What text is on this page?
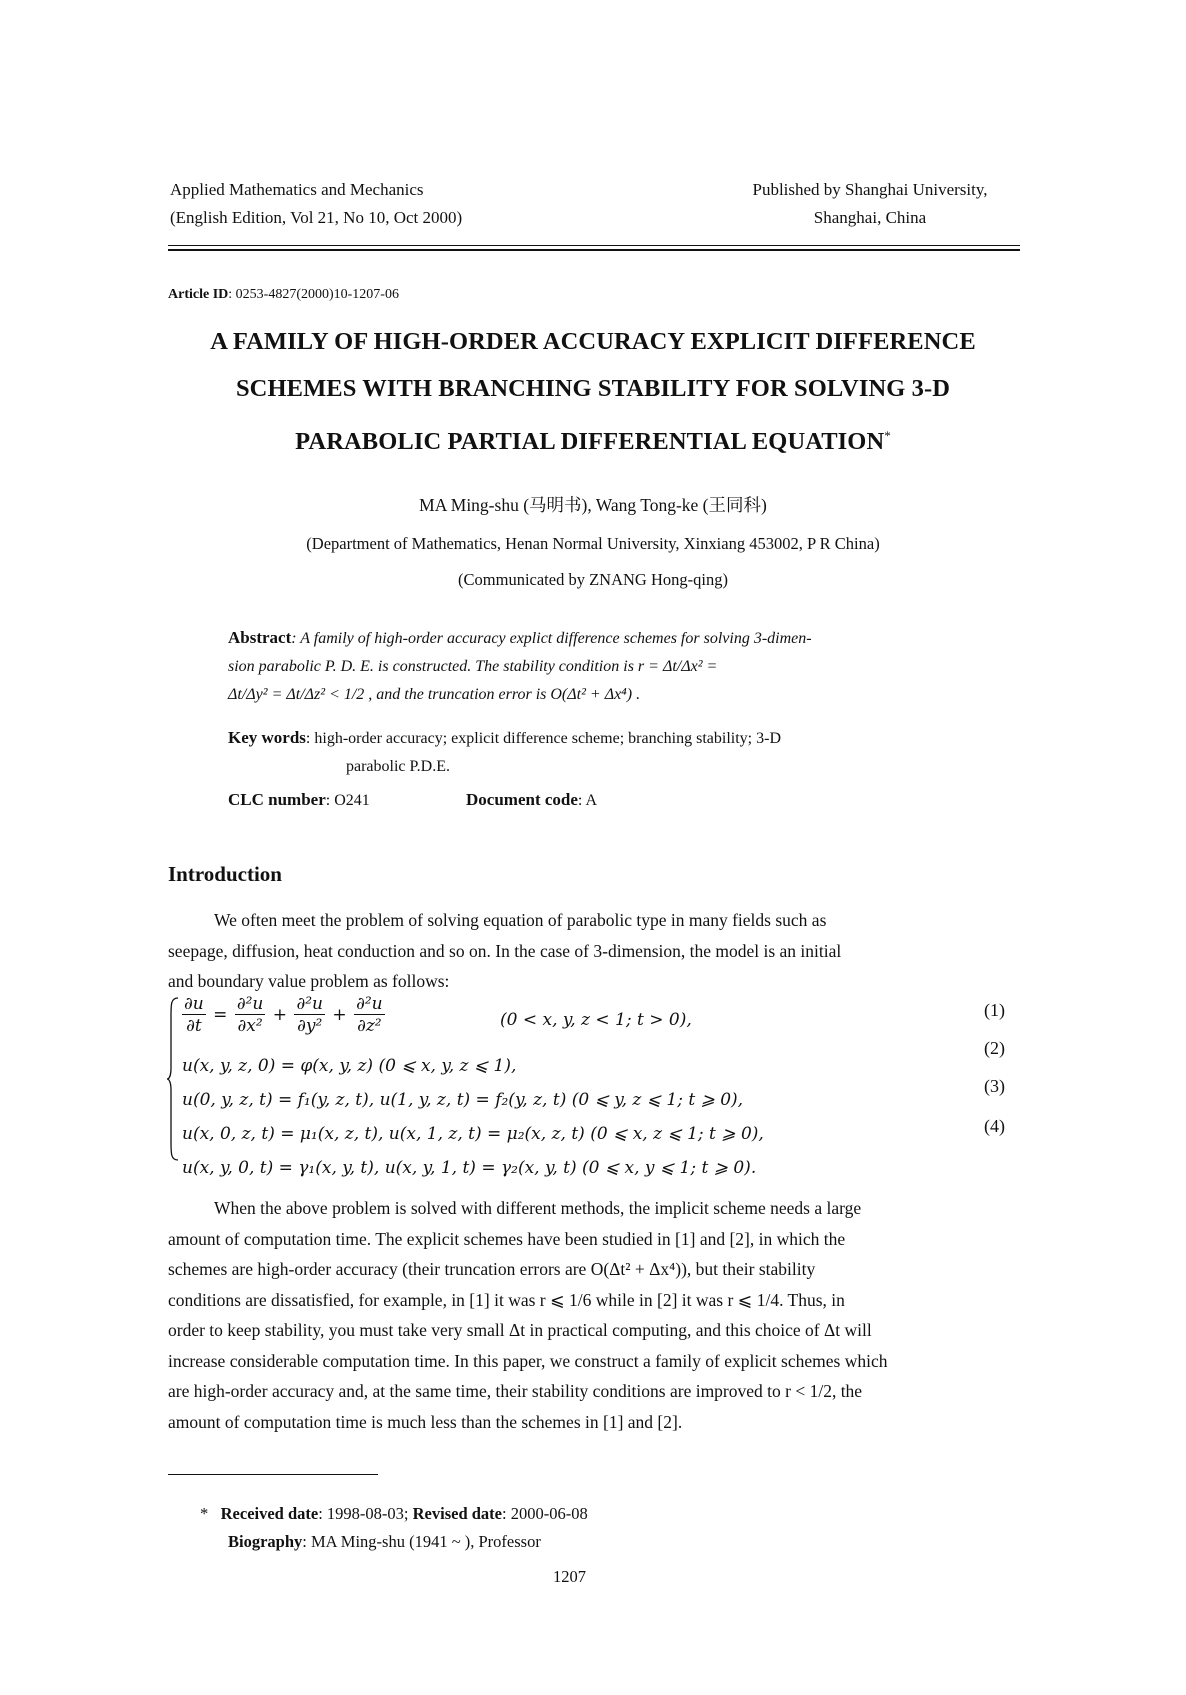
Applied Mathematics and Mechanics
(English Edition, Vol 21, No 10, Oct 2000)
Published by Shanghai University,
Shanghai, China
Article ID: 0253-4827(2000)10-1207-06
A FAMILY OF HIGH-ORDER ACCURACY EXPLICIT DIFFERENCE
SCHEMES WITH BRANCHING STABILITY FOR SOLVING 3-D
PARABOLIC PARTIAL DIFFERENTIAL EQUATION*
MA Ming-shu (马明书), Wang Tong-ke (王同科)
(Department of Mathematics, Henan Normal University, Xinxiang 453002, P R China)
(Communicated by ZNANG Hong-qing)
Abstract: A family of high-order accuracy explict difference schemes for solving 3-dimen-
sion parabolic P. D. E. is constructed. The stability condition is r = Δt/Δx² =
Δt/Δy² = Δt/Δz² < 1/2 , and the truncation error is O(Δt² + Δx⁴) .
Key words: high-order accuracy; explicit difference scheme; branching stability; 3-D
parabolic P.D.E.
CLC number: O241	Document code: A
Introduction
We often meet the problem of solving equation of parabolic type in many fields such as
seepage, diffusion, heat conduction and so on. In the case of 3-dimension, the model is an initial
and boundary value problem as follows:
$\frac{\partial u}{\partial t} = \frac{\text{∂²u}}{\text{∂x²}} + \frac{\text{∂²u}}{\text{∂y²}} + \frac{\text{∂²u}}{\text{∂z²}}$	(0 < x, y, z < 1; t > 0),
u(x, y, z, 0) = φ(x, y, z) (0 ⩽ x, y, z ⩽ 1),
u(0, y, z, t) = f₁(y, z, t), u(1, y, z, t) = f₂(y, z, t) (0 ⩽ y, z ⩽ 1; t ⩾ 0),
u(x, 0, z, t) = μ₁(x, z, t), u(x, 1, z, t) = μ₂(x, z, t) (0 ⩽ x, z ⩽ 1; t ⩾ 0),
u(x, y, 0, t) = γ₁(x, y, t), u(x, y, 1, t) = γ₂(x, y, t) (0 ⩽ x, y ⩽ 1; t ⩾ 0).
(1)
(2)
(3)
(4)
When the above problem is solved with different methods, the implicit scheme needs a large
amount of computation time. The explicit schemes have been studied in [1] and [2], in which the
schemes are high-order accuracy (their truncation errors are O(Δt² + Δx⁴)), but their stability
conditions are dissatisfied, for example, in [1] it was r ⩽ 1/6 while in [2] it was r ⩽ 1/4. Thus, in
order to keep stability, you must take very small Δt in practical computing, and this choice of Δt will
increase considerable computation time. In this paper, we construct a family of explicit schemes which
are high-order accuracy and, at the same time, their stability conditions are improved to r < 1/2, the
amount of computation time is much less than the schemes in [1] and [2].
* Received date: 1998-08-03; Revised date: 2000-06-08
Biography: MA Ming-shu (1941 ~ ), Professor
1207
